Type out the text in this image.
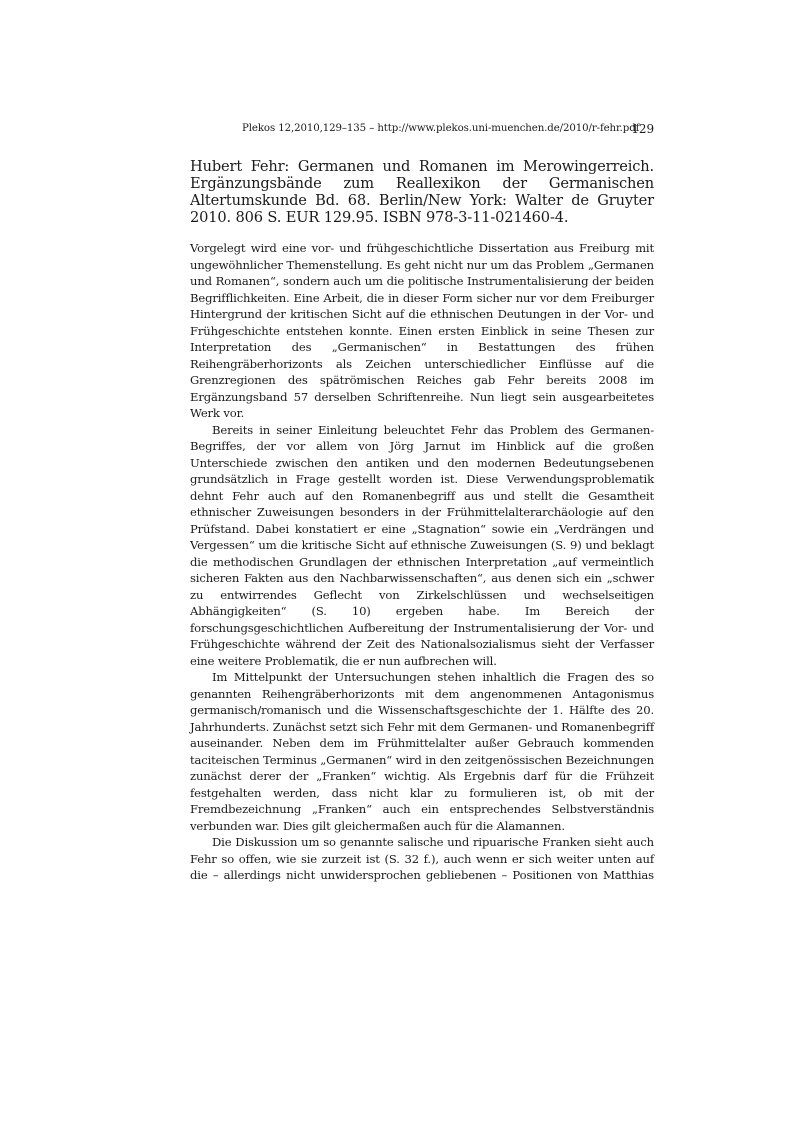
Plekos 12,2010,129–135 – http://www.plekos.uni-muenchen.de/2010/r-fehr.pdf
129
Hubert Fehr: Germanen und Romanen im Merowingerreich. Ergänzungsbände zum Reallexikon der Germanischen Altertumskunde Bd. 68. Berlin/New York: Walter de Gruyter 2010. 806 S. EUR 129.95. ISBN 978-3-11-021460-4.

Vorgelegt wird eine vor- und frühgeschichtliche Dissertation aus Freiburg mit ungewöhnlicher Themenstellung. Es geht nicht nur um das Problem „Germanen und Romanen“, sondern auch um die politische Instrumentalisierung der beiden Begrifflichkeiten. Eine Arbeit, die in dieser Form sicher nur vor dem Freiburger Hintergrund der kritischen Sicht auf die ethnischen Deutungen in der Vor- und Frühgeschichte entstehen konnte. Einen ersten Einblick in seine Thesen zur Interpretation des „Germanischen“ in Bestattungen des frühen Reihengräberhorizonts als Zeichen unterschiedlicher Einflüsse auf die Grenzregionen des spätrömischen Reiches gab Fehr bereits 2008 im Ergänzungsband 57 derselben Schriftenreihe. Nun liegt sein ausgearbeitetes Werk vor.

Bereits in seiner Einleitung beleuchtet Fehr das Problem des Germanen-Begriffes, der vor allem von Jörg Jarnut im Hinblick auf die großen Unterschiede zwischen den antiken und den modernen Bedeutungsebenen grundsätzlich in Frage gestellt worden ist. Diese Verwendungsproblematik dehnt Fehr auch auf den Romanenbegriff aus und stellt die Gesamtheit ethnischer Zuweisungen besonders in der Frühmittelalterarchäologie auf den Prüfstand. Dabei konstatiert er eine „Stagnation“ sowie ein „Verdrängen und Vergessen“ um die kritische Sicht auf ethnische Zuweisungen (S. 9) und beklagt die methodischen Grundlagen der ethnischen Interpretation „auf vermeintlich sicheren Fakten aus den Nachbarwissenschaften“, aus denen sich ein „schwer zu entwirrendes Geflecht von Zirkelschlüssen und wechselseitigen Abhängigkeiten“ (S. 10) ergeben habe. Im Bereich der forschungsgeschichtlichen Aufbereitung der Instrumentalisierung der Vor- und Frühgeschichte während der Zeit des Nationalsozialismus sieht der Verfasser eine weitere Problematik, die er nun aufbrechen will.

Im Mittelpunkt der Untersuchungen stehen inhaltlich die Fragen des so genannten Reihengräberhorizonts mit dem angenommenen Antagonismus germanisch/romanisch und die Wissenschaftsgeschichte der 1. Hälfte des 20. Jahrhunderts. Zunächst setzt sich Fehr mit dem Germanen- und Romanenbegriff auseinander. Neben dem im Frühmittelalter außer Gebrauch kommenden taciteischen Terminus „Germanen“ wird in den zeitgenössischen Bezeichnungen zunächst derer der „Franken“ wichtig. Als Ergebnis darf für die Frühzeit festgehalten werden, dass nicht klar zu formulieren ist, ob mit der Fremdbezeichnung „Franken“ auch ein entsprechendes Selbstverständnis verbunden war. Dies gilt gleichermaßen auch für die Alamannen.

Die Diskussion um so genannte salische und ripuarische Franken sieht auch Fehr so offen, wie sie zurzeit ist (S. 32 f.), auch wenn er sich weiter unten auf die – allerdings nicht unwidersprochen gebliebenen – Positionen von Matthias
